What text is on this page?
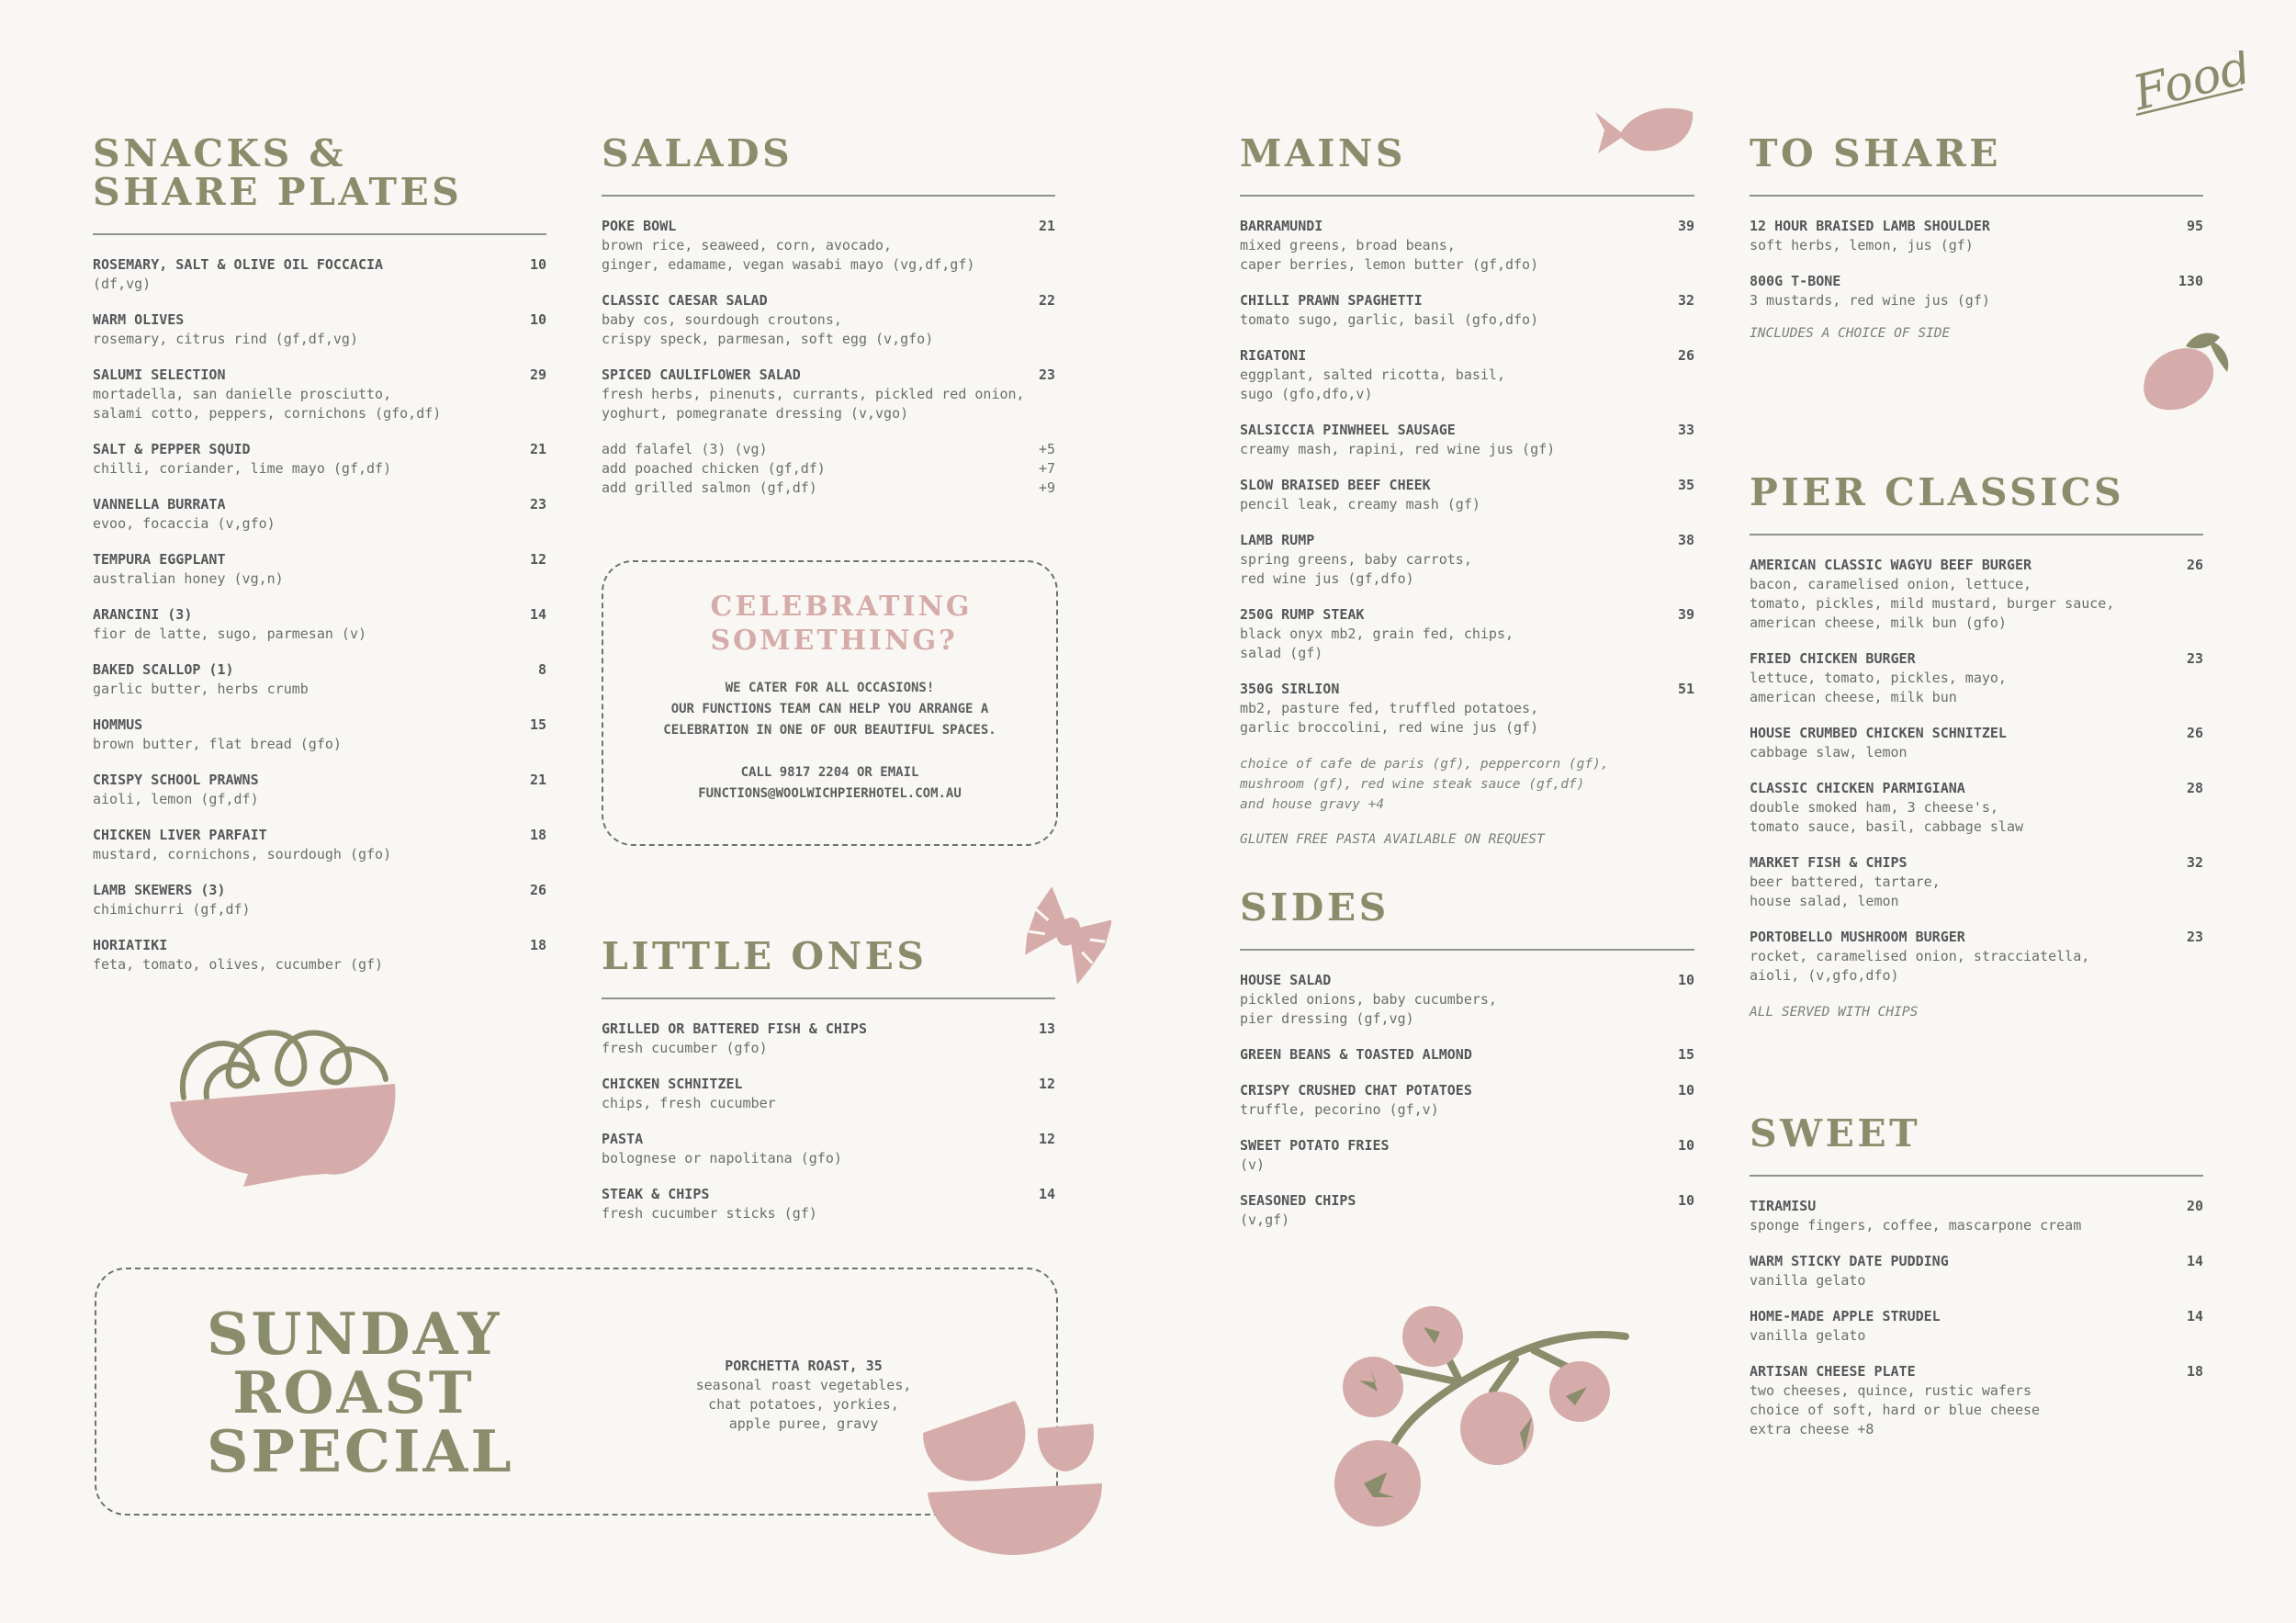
Food
SNACKS & SHARE PLATES
ROSEMARY, SALT & OLIVE OIL FOCCACIA	10
(df,vg)
WARM OLIVES	10
rosemary, citrus rind (gf,df,vg)
SALUMI SELECTION	29
mortadella, san danielle prosciutto,
salami cotto, peppers, cornichons (gfo,df)
SALT & PEPPER SQUID	21
chilli, coriander, lime mayo (gf,df)
VANNELLA BURRATA	23
evoo, focaccia (v,gfo)
TEMPURA EGGPLANT	12
australian honey (vg,n)
ARANCINI (3)	14
fior de latte, sugo, parmesan (v)
BAKED SCALLOP (1)	8
garlic butter, herbs crumb
HOMMUS	15
brown butter, flat bread (gfo)
CRISPY SCHOOL PRAWNS	21
aioli, lemon (gf,df)
CHICKEN LIVER PARFAIT	18
mustard, cornichons, sourdough (gfo)
LAMB SKEWERS (3)	26
chimichurri (gf,df)
HORIATIKI	18
feta, tomato, olives, cucumber (gf)
SALADS
POKE BOWL	21
brown rice, seaweed, corn, avocado,
ginger, edamame, vegan wasabi mayo (vg,df,gf)
CLASSIC CAESAR SALAD	22
baby cos, sourdough croutons,
crispy speck, parmesan, soft egg (v,gfo)
SPICED CAULIFLOWER SALAD	23
fresh herbs, pinenuts, currants, pickled red onion,
yoghurt, pomegranate dressing (v,vgo)
add falafel (3) (vg)	+5
add poached chicken (gf,df)	+7
add grilled salmon (gf,df)	+9
CELEBRATING SOMETHING?
WE CATER FOR ALL OCCASIONS!
OUR FUNCTIONS TEAM CAN HELP YOU ARRANGE A
CELEBRATION IN ONE OF OUR BEAUTIFUL SPACES.
CALL 9817 2204 OR EMAIL
FUNCTIONS@WOOLWICHPIERHOTEL.COM.AU
LITTLE ONES
GRILLED OR BATTERED FISH & CHIPS	13
fresh cucumber (gfo)
CHICKEN SCHNITZEL	12
chips, fresh cucumber
PASTA	12
bolognese or napolitana (gfo)
STEAK & CHIPS	14
fresh cucumber sticks (gf)
SUNDAY ROAST SPECIAL
PORCHETTA ROAST, 35
seasonal roast vegetables,
chat potatoes, yorkies,
apple puree, gravy
MAINS
BARRAMUNDI	39
mixed greens, broad beans,
caper berries, lemon butter (gf,dfo)
CHILLI PRAWN SPAGHETTI	32
tomato sugo, garlic, basil (gfo,dfo)
RIGATONI	26
eggplant, salted ricotta, basil,
sugo (gfo,dfo,v)
SALSICCIA PINWHEEL SAUSAGE	33
creamy mash, rapini, red wine jus (gf)
SLOW BRAISED BEEF CHEEK	35
pencil leak, creamy mash (gf)
LAMB RUMP	38
spring greens, baby carrots,
red wine jus (gf,dfo)
250G RUMP STEAK	39
black onyx mb2, grain fed, chips,
salad (gf)
350G SIRLION	51
mb2, pasture fed, truffled potatoes,
garlic broccolini, red wine jus (gf)
choice of cafe de paris (gf), peppercorn (gf),
mushroom (gf), red wine steak sauce (gf,df)
and house gravy +4
GLUTEN FREE PASTA AVAILABLE ON REQUEST
SIDES
HOUSE SALAD	10
pickled onions, baby cucumbers,
pier dressing (gf,vg)
GREEN BEANS & TOASTED ALMOND	15
CRISPY CRUSHED CHAT POTATOES	10
truffle, pecorino (gf,v)
SWEET POTATO FRIES	10
(v)
SEASONED CHIPS	10
(v,gf)
TO SHARE
12 HOUR BRAISED LAMB SHOULDER	95
soft herbs, lemon, jus (gf)
800G T-BONE	130
3 mustards, red wine jus (gf)
INCLUDES A CHOICE OF SIDE
PIER CLASSICS
AMERICAN CLASSIC WAGYU BEEF BURGER	26
bacon, caramelised onion, lettuce,
tomato, pickles, mild mustard, burger sauce,
american cheese, milk bun (gfo)
FRIED CHICKEN BURGER	23
lettuce, tomato, pickles, mayo,
american cheese, milk bun
HOUSE CRUMBED CHICKEN SCHNITZEL	26
cabbage slaw, lemon
CLASSIC CHICKEN PARMIGIANA	28
double smoked ham, 3 cheese's,
tomato sauce, basil, cabbage slaw
MARKET FISH & CHIPS	32
beer battered, tartare,
house salad, lemon
PORTOBELLO MUSHROOM BURGER	23
rocket, caramelised onion, stracciatella,
aioli, (v,gfo,dfo)
ALL SERVED WITH CHIPS
SWEET
TIRAMISU	20
sponge fingers, coffee, mascarpone cream
WARM STICKY DATE PUDDING	14
vanilla gelato
HOME-MADE APPLE STRUDEL	14
vanilla gelato
ARTISAN CHEESE PLATE	18
two cheeses, quince, rustic wafers
choice of soft, hard or blue cheese
extra cheese +8
